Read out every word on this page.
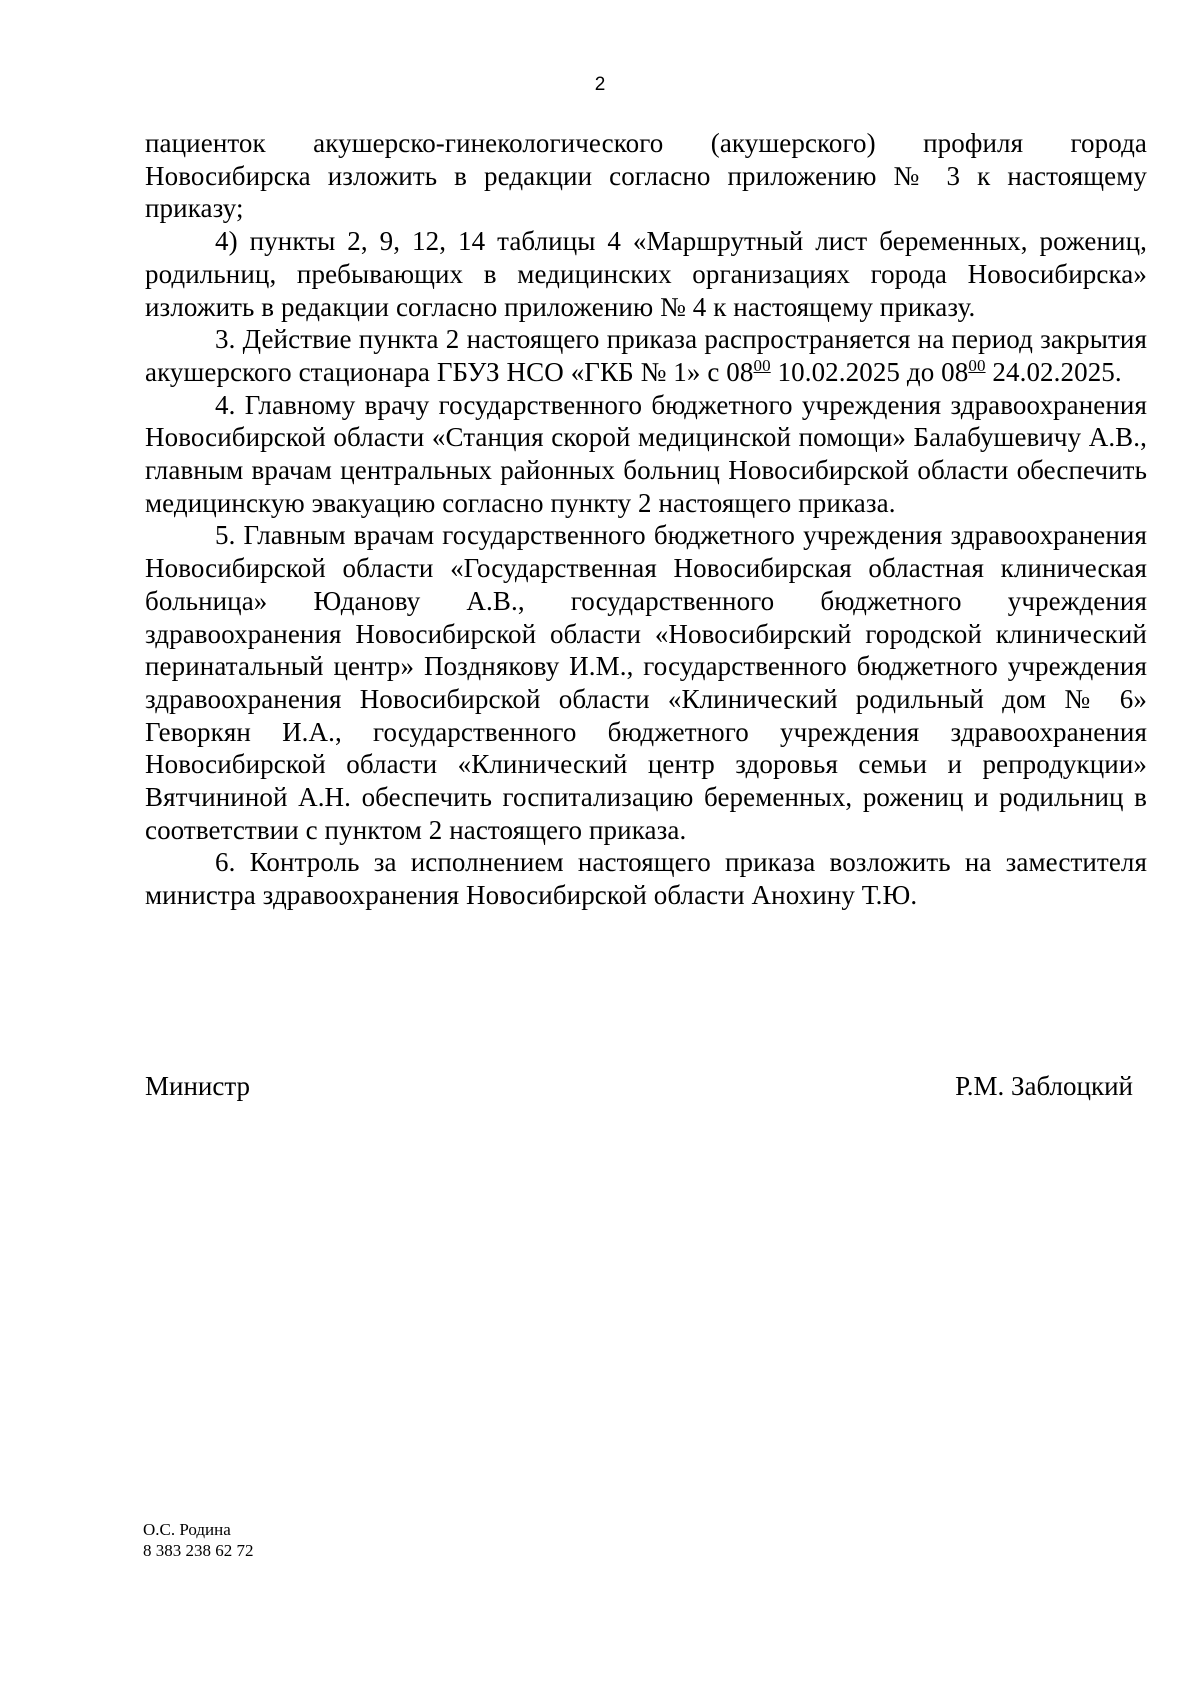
2

пациенток акушерско-гинекологического (акушерского) профиля города Новосибирска изложить в редакции согласно приложению № 3 к настоящему приказу;

4) пункты 2, 9, 12, 14 таблицы 4 «Маршрутный лист беременных, рожениц, родильниц, пребывающих в медицинских организациях города Новосибирска» изложить в редакции согласно приложению № 4 к настоящему приказу.

3. Действие пункта 2 настоящего приказа распространяется на период закрытия акушерского стационара ГБУЗ НСО «ГКБ № 1» с $08^{00}$ 10.02.2025 до $08^{00}$ 24.02.2025.

4. Главному врачу государственного бюджетного учреждения здравоохранения Новосибирской области «Станция скорой медицинской помощи» Балабушевичу А.В., главным врачам центральных районных больниц Новосибирской области обеспечить медицинскую эвакуацию согласно пункту 2 настоящего приказа.

5. Главным врачам государственного бюджетного учреждения здравоохранения Новосибирской области «Государственная Новосибирская областная клиническая больница» Юданову А.В., государственного бюджетного учреждения здравоохранения Новосибирской области «Новосибирский городской клинический перинатальный центр» Позднякову И.М., государственного бюджетного учреждения здравоохранения Новосибирской области «Клинический родильный дом № 6» Геворкян И.А., государственного бюджетного учреждения здравоохранения Новосибирской области «Клинический центр здоровья семьи и репродукции» Вятчининой А.Н. обеспечить госпитализацию беременных, рожениц и родильниц в соответствии с пунктом 2 настоящего приказа.

6. Контроль за исполнением настоящего приказа возложить на заместителя министра здравоохранения Новосибирской области Анохину Т.Ю.

Министр	Р.М. Заблоцкий
О.С. Родина
8 383 238 62 72
